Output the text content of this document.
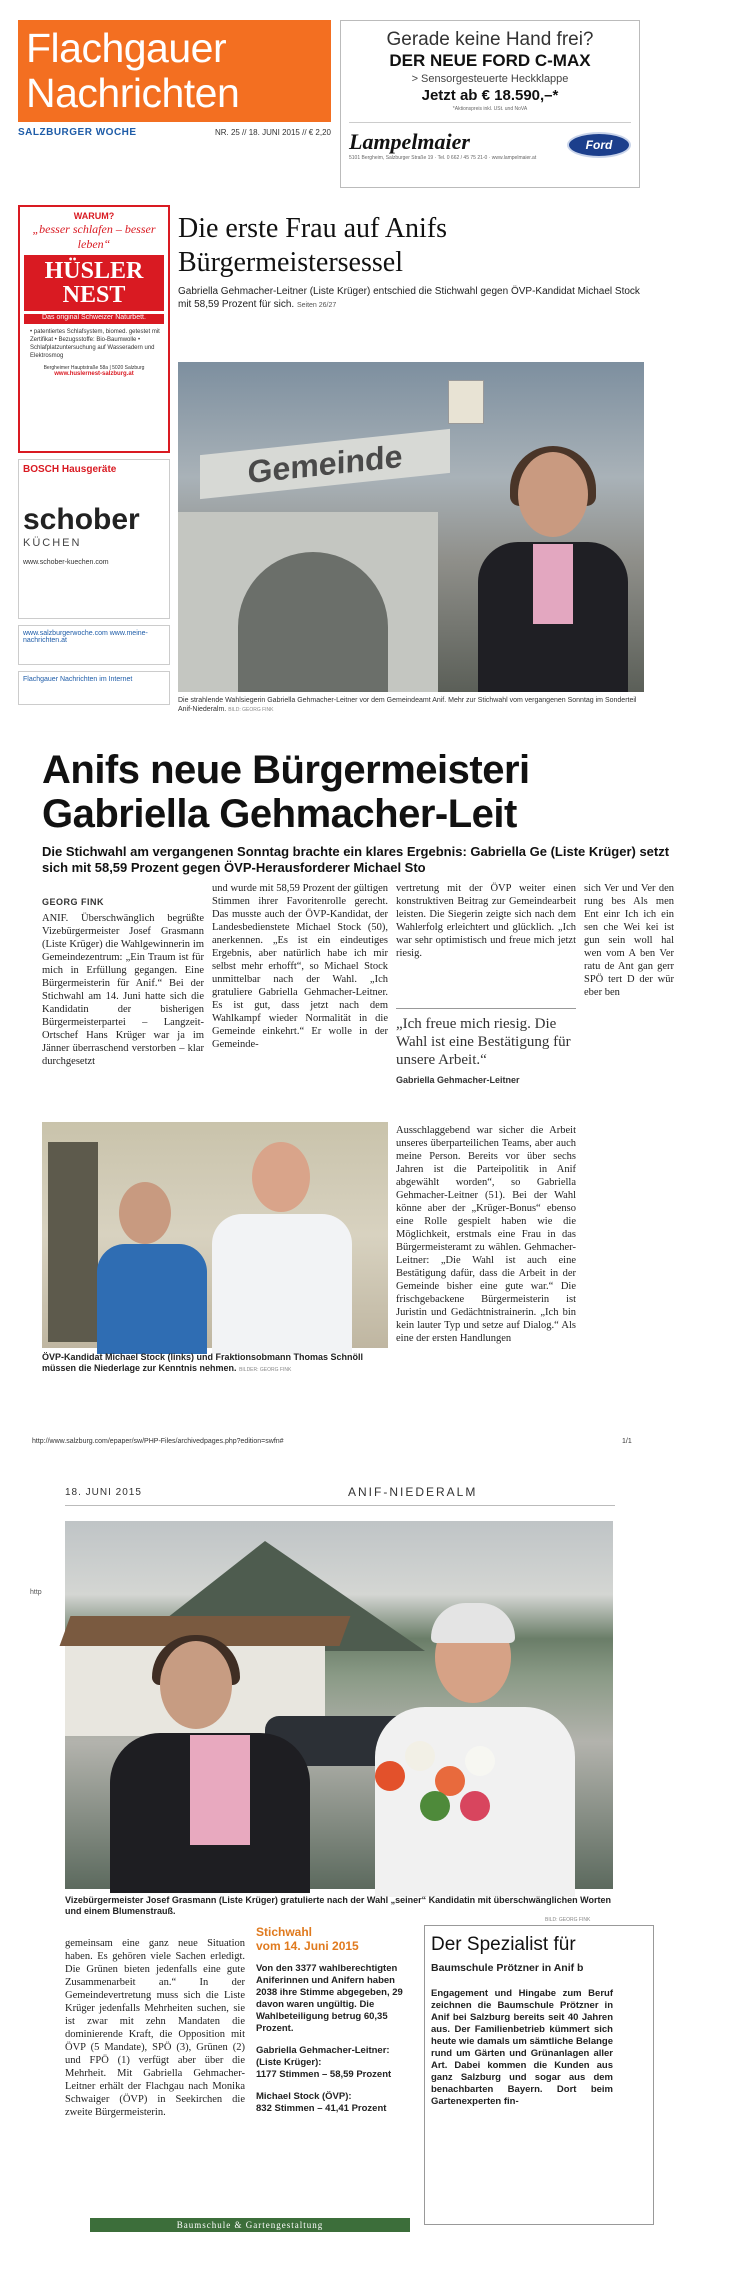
Flachgauer
Nachrichten
SALZBURGER WOCHE	NR. 25 // 18. JUNI 2015 // € 2,20
Gerade keine Hand frei?
DER NEUE FORD C-MAX
> Sensorgesteuerte Heckklappe
Jetzt ab € 18.590,–*
*Aktionspreis inkl. USt. und NoVA
Lampelmaier
5101 Bergheim, Salzburger Straße 19 · Tel. 0 662 / 45 75 21-0 · www.lampelmaier.at
Ford
WARUM?
„besser schlafen – besser leben“
HÜSLER NEST
Das original Schweizer Naturbett.
• patentiertes Schlafsystem, biomed. getestet mit Zertifikat • Bezugsstoffe: Bio-Baumwolle • Schlafplatzuntersuchung auf Wasseradern und Elektrosmog
Bergheimer Hauptstraße 58a | 5020 Salzburg
www.huslernest-salzburg.at
BOSCH Hausgeräte
schober
KÜCHEN
www.schober-kuechen.com
www.salzburgerwoche.com www.meine-nachrichten.at
Flachgauer Nachrichten im Internet
Die erste Frau auf Anifs Bürgermeistersessel
Gabriella Gehmacher-Leitner (Liste Krüger) entschied die Stichwahl gegen ÖVP-Kandidat Michael Stock mit 58,59 Prozent für sich. Seiten 26/27
Gemeinde
Die strahlende Wahlsiegerin Gabriella Gehmacher-Leitner vor dem Gemeindeamt Anif. Mehr zur Stichwahl vom vergangenen Sonntag im Sonderteil Anif-Niederalm. BILD: GEORG FINK
Anifs neue Bürgermeisteri
Gabriella Gehmacher-Leit
Die Stichwahl am vergangenen Sonntag brachte ein klares Ergebnis: Gabriella Ge (Liste Krüger) setzt sich mit 58,59 Prozent gegen ÖVP-Herausforderer Michael Sto
GEORG FINK
ANIF. Überschwänglich begrüßte Vizebürgermeister Josef Grasmann (Liste Krüger) die Wahlgewinnerin im Gemeindezentrum: „Ein Traum ist für mich in Erfüllung gegangen. Eine Bürgermeisterin für Anif.“ Bei der Stichwahl am 14. Juni hatte sich die Kandidatin der bisherigen Bürgermeisterpartei – Langzeit-Ortschef Hans Krüger war ja im Jänner überraschend verstorben – klar durchgesetzt
und wurde mit 58,59 Prozent der gültigen Stimmen ihrer Favoritenrolle gerecht. Das musste auch der ÖVP-Kandidat, der Landesbedienstete Michael Stock (50), anerkennen. „Es ist ein eindeutiges Ergebnis, aber natürlich habe ich mir selbst mehr erhofft“, so Michael Stock unmittelbar nach der Wahl. „Ich gratuliere Gabriella Gehmacher-Leitner. Es ist gut, dass jetzt nach dem Wahlkampf wieder Normalität in die Gemeinde einkehrt.“ Er wolle in der Gemeinde-
vertretung mit der ÖVP weiter einen konstruktiven Beitrag zur Gemeindearbeit leisten. Die Siegerin zeigte sich nach dem Wahlerfolg erleichtert und glücklich. „Ich war sehr optimistisch und freue mich jetzt riesig.
„Ich freue mich riesig. Die Wahl ist eine Bestätigung für unsere Arbeit.“
Gabriella Gehmacher-Leitner
Ausschlaggebend war sicher die Arbeit unseres überparteilichen Teams, aber auch meine Person. Bereits vor über sechs Jahren ist die Parteipolitik in Anif abgewählt worden“, so Gabriella Gehmacher-Leitner (51). Bei der Wahl könne aber der „Krüger-Bonus“ ebenso eine Rolle gespielt haben wie die Möglichkeit, erstmals eine Frau in das Bürgermeisteramt zu wählen. Gehmacher-Leitner: „Die Wahl ist auch eine Bestätigung dafür, dass die Arbeit in der Gemeinde bisher eine gute war.“ Die frischgebackene Bürgermeisterin ist Juristin und Gedächtnistrainerin. „Ich bin kein lauter Typ und setze auf Dialog.“ Als eine der ersten Handlungen
sich Ver und Ver den rung bes Als men Ent einr Ich ich ein sen che Wei kei ist gun sein woll hal wen vom A ben Ver ratu de Ant gan gerr SPÖ tert D der wür eber ben
ÖVP-Kandidat Michael Stock (links) und Fraktionsobmann Thomas Schnöll müssen die Niederlage zur Kenntnis nehmen. BILDER: GEORG FINK
http://www.salzburg.com/epaper/sw/PHP-Files/archivedpages.php?edition=swfn#	1/1
18. JUNI 2015	ANIF-NIEDERALM
http
Vizebürgermeister Josef Grasmann (Liste Krüger) gratulierte nach der Wahl „seiner“ Kandidatin mit überschwänglichen Worten und einem Blumenstrauß.
BILD: GEORG FINK
gemeinsam eine ganz neue Situation haben. Es gehören viele Sachen erledigt. Die Grünen bieten jedenfalls eine gute Zusammenarbeit an.“ In der Gemeindevertretung muss sich die Liste Krüger jedenfalls Mehrheiten suchen, sie ist zwar mit zehn Mandaten die dominierende Kraft, die Opposition mit ÖVP (5 Mandate), SPÖ (3), Grünen (2) und FPÖ (1) verfügt aber über die Mehrheit. Mit Gabriella Gehmacher-Leitner erhält der Flachgau nach Monika Schwaiger (ÖVP) in Seekirchen die zweite Bürgermeisterin.
Stichwahl
vom 14. Juni 2015
Von den 3377 wahlberechtigten Aniferinnen und Anifern haben 2038 ihre Stimme abgegeben, 29 davon waren ungültig. Die Wahlbeteiligung betrug 60,35 Prozent.
Gabriella Gehmacher-Leitner:
(Liste Krüger):
1177 Stimmen – 58,59 Prozent
Michael Stock (ÖVP):
832 Stimmen – 41,41 Prozent
Der Spezialist für
Baumschule Prötzner in Anif b
Engagement und Hingabe zum Beruf zeichnen die Baumschule Prötzner in Anif bei Salzburg bereits seit 40 Jahren aus. Der Familienbetrieb kümmert sich heute wie damals um sämtliche Belange rund um Gärten und Grünanlagen aller Art. Dabei kommen die Kunden aus ganz Salzburg und sogar aus dem benachbarten Bayern. Dort beim Gartenexperten fin-
Baumschule & Gartengestaltung
